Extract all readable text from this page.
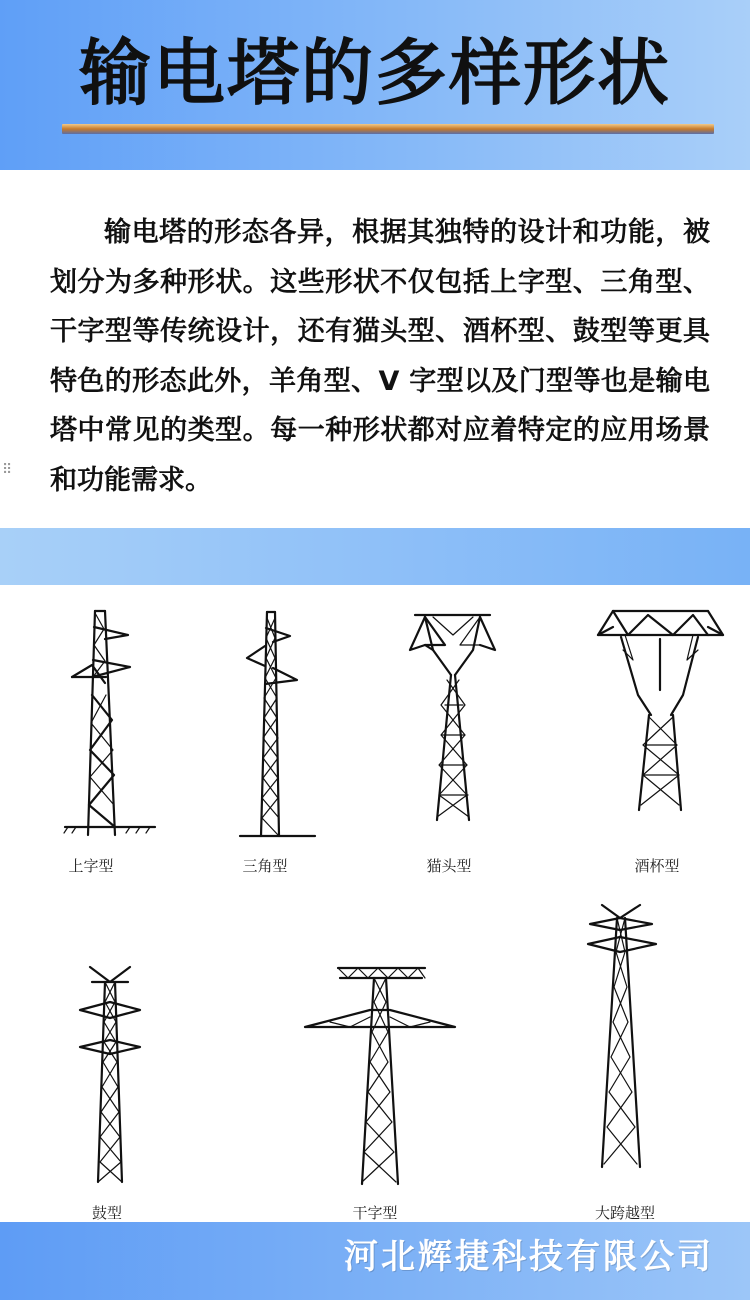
输电塔的多样形状
输电塔的形态各异，根据其独特的设计和功能，被划分为多种形状。这些形状不仅包括上字型、三角型、干字型等传统设计，还有猫头型、酒杯型、鼓型等更具特色的形态此外，羊角型、V 字型以及门型等也是输电塔中常见的类型。每一种形状都对应着特定的应用场景和功能需求。
⠿
上字型	三角型	猫头型	酒杯型
鼓型	干字型	大跨越型
河北辉捷科技有限公司
